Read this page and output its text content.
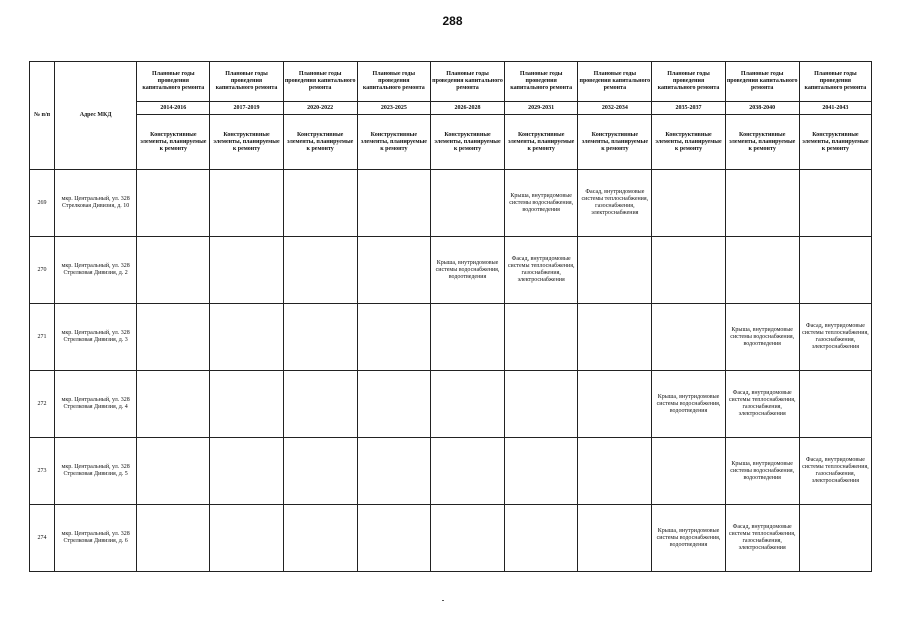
288
№ п/п	Адрес МКД	Плановые годы проведения капитального ремонта	Плановые годы проведения капитального ремонта	Плановые годы проведения капитального ремонта	Плановые годы проведения капитального ремонта	Плановые годы проведения капитального ремонта	Плановые годы проведения капитального ремонта	Плановые годы проведения капитального ремонта	Плановые годы проведения капитального ремонта	Плановые годы проведения капитального ремонта	Плановые годы проведения капитального ремонта
		2014-2016	2017-2019	2020-2022	2023-2025	2026-2028	2029-2031	2032-2034	2035-2037	2038-2040	2041-2043
		Конструктивные элементы, планируемые к ремонту	Конструктивные элементы, планируемые к ремонту	Конструктивные элементы, планируемые к ремонту	Конструктивные элементы, планируемые к ремонту	Конструктивные элементы, планируемые к ремонту	Конструктивные элементы, планируемые к ремонту	Конструктивные элементы, планируемые к ремонту	Конструктивные элементы, планируемые к ремонту	Конструктивные элементы, планируемые к ремонту	Конструктивные элементы, планируемые к ремонту
269	мкр. Центральный, ул. 328 Стрелковая Дивизия, д. 10						Крыша, внутридомовые системы водоснабжения, водоотведения	Фасад, внутридомовые системы теплоснабжения, газоснабжения, электроснабжения			
270	мкр. Центральный, ул. 328 Стрелковая Дивизия, д. 2					Крыша, внутридомовые системы водоснабжения, водоотведения	Фасад, внутридомовые системы теплоснабжения, газоснабжения, электроснабжения				
271	мкр. Центральный, ул. 328 Стрелковая Дивизия, д. 3									Крыша, внутридомовые системы водоснабжения, водоотведения	Фасад, внутридомовые системы теплоснабжения, газоснабжения, электроснабжения
272	мкр. Центральный, ул. 328 Стрелковая Дивизия, д. 4								Крыша, внутридомовые системы водоснабжения, водоотведения	Фасад, внутридомовые системы теплоснабжения, газоснабжения, электроснабжения	
273	мкр. Центральный, ул. 328 Стрелковая Дивизия, д. 5									Крыша, внутридомовые системы водоснабжения, водоотведения	Фасад, внутридомовые системы теплоснабжения, газоснабжения, электроснабжения
274	мкр. Центральный, ул. 328 Стрелковая Дивизия, д. 6								Крыша, внутридомовые системы водоснабжения, водоотведения	Фасад, внутридомовые системы теплоснабжения, газоснабжения, электроснабжения	
